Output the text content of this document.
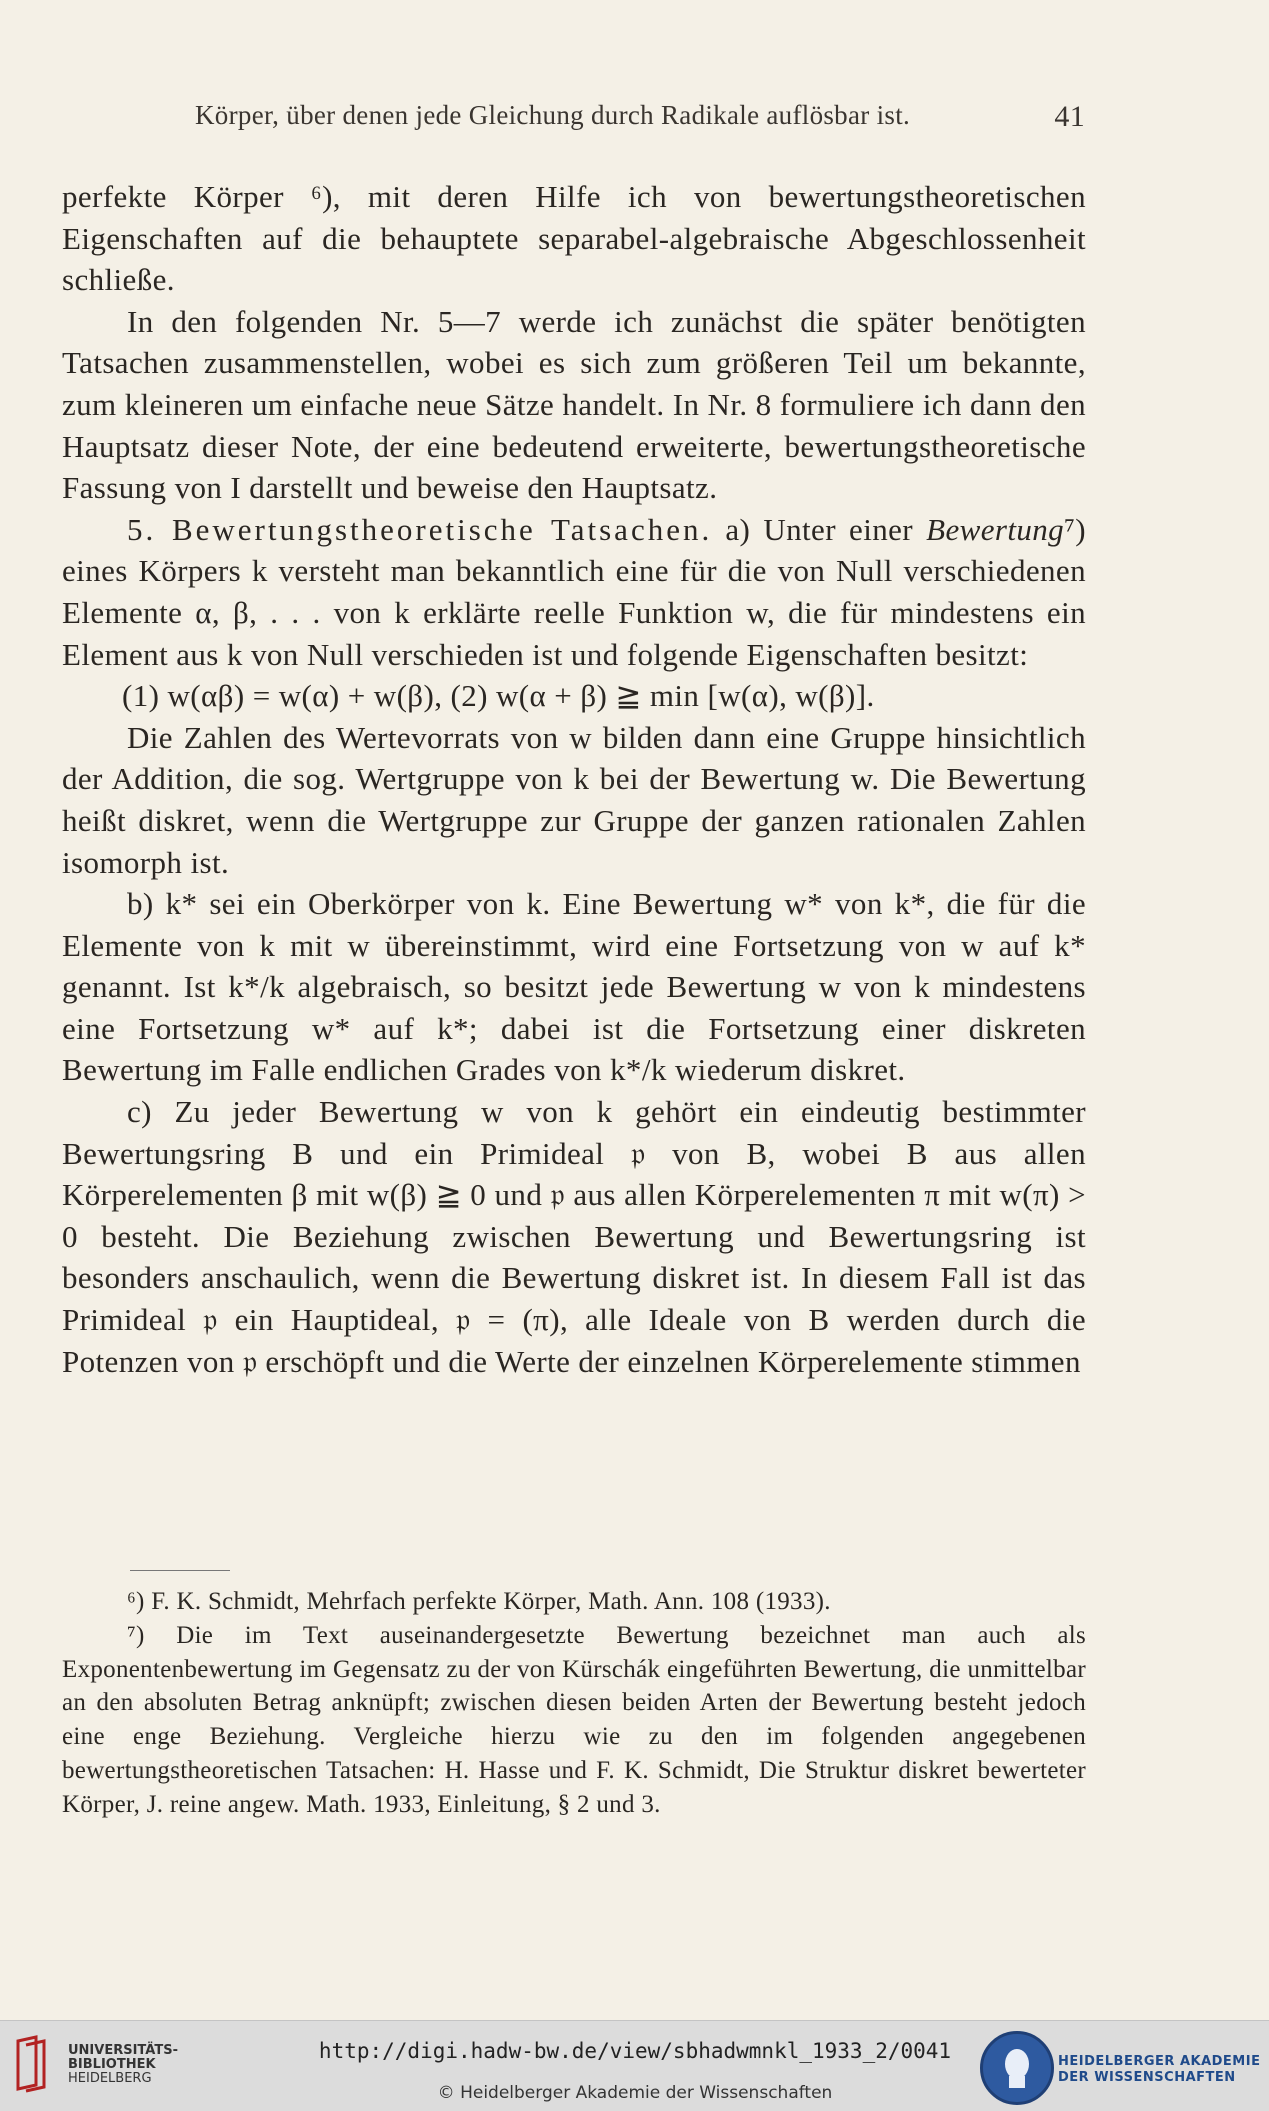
Körper, über denen jede Gleichung durch Radikale auflösbar ist.	41

perfekte Körper ⁶), mit deren Hilfe ich von bewertungstheoretischen Eigenschaften auf die behauptete separabel-algebraische Abgeschlossenheit schließe.

In den folgenden Nr. 5—7 werde ich zunächst die später benötigten Tatsachen zusammenstellen, wobei es sich zum größeren Teil um bekannte, zum kleineren um einfache neue Sätze handelt. In Nr. 8 formuliere ich dann den Hauptsatz dieser Note, der eine bedeutend erweiterte, bewertungstheoretische Fassung von I darstellt und beweise den Hauptsatz.

5. Bewertungstheoretische Tatsachen. a) Unter einer Bewertung⁷) eines Körpers k versteht man bekanntlich eine für die von Null verschiedenen Elemente α, β, . . . von k erklärte reelle Funktion w, die für mindestens ein Element aus k von Null verschieden ist und folgende Eigenschaften besitzt:

(1) w(αβ) = w(α) + w(β), (2) w(α + β) ≧ min [w(α), w(β)].

Die Zahlen des Wertevorrats von w bilden dann eine Gruppe hinsichtlich der Addition, die sog. Wertgruppe von k bei der Bewertung w. Die Bewertung heißt diskret, wenn die Wertgruppe zur Gruppe der ganzen rationalen Zahlen isomorph ist.

b) k* sei ein Oberkörper von k. Eine Bewertung w* von k*, die für die Elemente von k mit w übereinstimmt, wird eine Fortsetzung von w auf k* genannt. Ist k*/k algebraisch, so besitzt jede Bewertung w von k mindestens eine Fortsetzung w* auf k*; dabei ist die Fortsetzung einer diskreten Bewertung im Falle endlichen Grades von k*/k wiederum diskret.

c) Zu jeder Bewertung w von k gehört ein eindeutig bestimmter Bewertungsring B und ein Primideal 𝔭 von B, wobei B aus allen Körperelementen β mit w(β) ≧ 0 und 𝔭 aus allen Körperelementen π mit w(π) > 0 besteht. Die Beziehung zwischen Bewertung und Bewertungsring ist besonders anschaulich, wenn die Bewertung diskret ist. In diesem Fall ist das Primideal 𝔭 ein Hauptideal, 𝔭 = (π), alle Ideale von B werden durch die Potenzen von 𝔭 erschöpft und die Werte der einzelnen Körperelemente stimmen

⁶) F. K. Schmidt, Mehrfach perfekte Körper, Math. Ann. 108 (1933).

⁷) Die im Text auseinandergesetzte Bewertung bezeichnet man auch als Exponentenbewertung im Gegensatz zu der von Kürschák eingeführten Bewertung, die unmittelbar an den absoluten Betrag anknüpft; zwischen diesen beiden Arten der Bewertung besteht jedoch eine enge Beziehung. Vergleiche hierzu wie zu den im folgenden angegebenen bewertungstheoretischen Tatsachen: H. Hasse und F. K. Schmidt, Die Struktur diskret bewerteter Körper, J. reine angew. Math. 1933, Einleitung, § 2 und 3.

UNIVERSITÄTS-
BIBLIOTHEK
HEIDELBERG
http://digi.hadw-bw.de/view/sbhadwmnkl_1933_2/0041
© Heidelberger Akademie der Wissenschaften
HEIDELBERGER AKADEMIE
DER WISSENSCHAFTEN
